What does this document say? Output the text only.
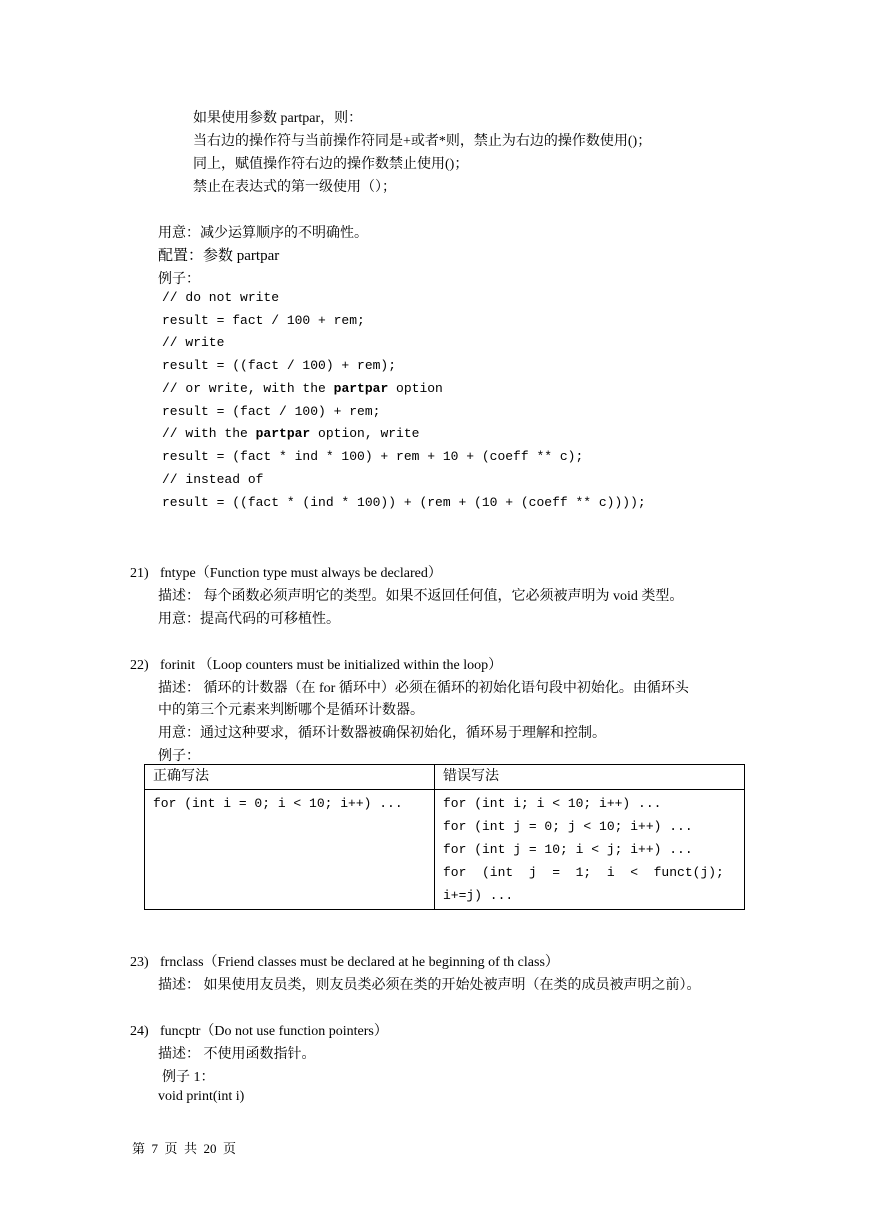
如果使用参数 partpar，则：
当右边的操作符与当前操作符同是+或者*则，禁止为右边的操作数使用()；
同上，赋值操作符右边的操作数禁止使用()；
禁止在表达式的第一级使用（）；
用意：减少运算顺序的不明确性。
配置：参数 partpar
例子：
// do not write
result = fact / 100 + rem;
// write
result = ((fact / 100) + rem);
// or write, with the partpar option
result = (fact / 100) + rem;
// with the partpar option, write
result = (fact * ind * 100) + rem + 10 + (coeff ** c);
// instead of
result = ((fact * (ind * 100)) + (rem + (10 + (coeff ** c))));
21) fntype（Function type must always be declared）
描述： 每个函数必须声明它的类型。如果不返回任何值，它必须被声明为 void 类型。
用意：提高代码的可移植性。
22) forinit （Loop counters must be initialized within the loop）
描述： 循环的计数器（在 for 循环中）必须在循环的初始化语句段中初始化。由循环头
中的第三个元素来判断哪个是循环计数器。
用意：通过这种要求，循环计数器被确保初始化，循环易于理解和控制。
例子：
正确写法	错误写法

for (int i = 0; i < 10; i++) ...	for (int i; i < 10; i++) ...
for (int j = 0; j < 10; i++) ...
for (int j = 10; i < j; i++) ...
for  (int  j  =  1;  i  <  funct(j);
i+=j) ...
23) frnclass（Friend classes must be declared at he beginning of th class）
描述： 如果使用友员类，则友员类必须在类的开始处被声明（在类的成员被声明之前）。
24) funcptr（Do not use function pointers）
描述： 不使用函数指针。
例子 1：
void print(int i)
第  7  页  共  20  页
